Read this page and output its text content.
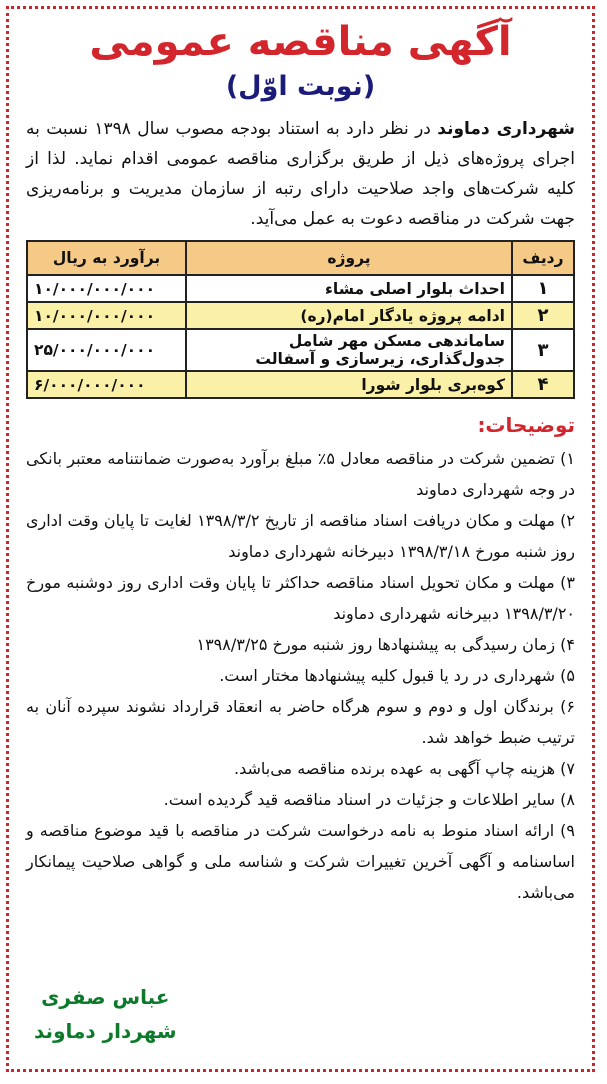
آگهی مناقصه عمومی
(نوبت اوّل)

شهرداری دماوند در نظر دارد به استناد بودجه مصوب سال ۱۳۹۸ نسبت به اجرای پروژه‌های ذیل از طریق برگزاری مناقصه عمومی اقدام نماید. لذا از کلیه شرکت‌های واجد صلاحیت دارای رتبه از سازمان مدیریت و برنامه‌ریزی جهت شرکت در مناقصه دعوت به عمل می‌آید.

ردیف	پروژه	برآورد به ریال
۱	احداث بلوار اصلی مشاء	۱۰/۰۰۰/۰۰۰/۰۰۰
۲	ادامه پروژه یادگار امام(ره)	۱۰/۰۰۰/۰۰۰/۰۰۰
۳	ساماندهی مسکن مهر شامل جدول‌گذاری، زیرسازی و آسفالت	۲۵/۰۰۰/۰۰۰/۰۰۰
۴	کوه‌بری بلوار شورا	۶/۰۰۰/۰۰۰/۰۰۰
توضیحات:
۱) تضمین شرکت در مناقصه معادل ۵٪ مبلغ برآورد به‌صورت ضمانتنامه معتبر بانکی در وجه شهرداری دماوند
۲) مهلت و مکان دریافت اسناد مناقصه از تاریخ ۱۳۹۸/۳/۲ لغایت تا پایان وقت اداری روز شنبه مورخ ۱۳۹۸/۳/۱۸ دبیرخانه شهرداری دماوند
۳) مهلت و مکان تحویل اسناد مناقصه حداکثر تا پایان وقت اداری روز دوشنبه مورخ ۱۳۹۸/۳/۲۰ دبیرخانه شهرداری دماوند
۴) زمان رسیدگی به پیشنهادها روز شنبه مورخ ۱۳۹۸/۳/۲۵
۵) شهرداری در رد یا قبول کلیه پیشنهادها مختار است.
۶) برندگان اول و دوم و سوم هرگاه حاضر به انعقاد قرارداد نشوند سپرده آنان به ترتیب ضبط خواهد شد.
۷) هزینه چاپ آگهی به عهده برنده مناقصه می‌باشد.
۸) سایر اطلاعات و جزئیات در اسناد مناقصه قید گردیده است.
۹) ارائه اسناد منوط به نامه درخواست شرکت در مناقصه با قید موضوع مناقصه و اساسنامه و آگهی آخرین تغییرات شرکت و شناسه ملی و گواهی صلاحیت پیمانکار می‌باشد.
عباس صفری
شهردار دماوند
